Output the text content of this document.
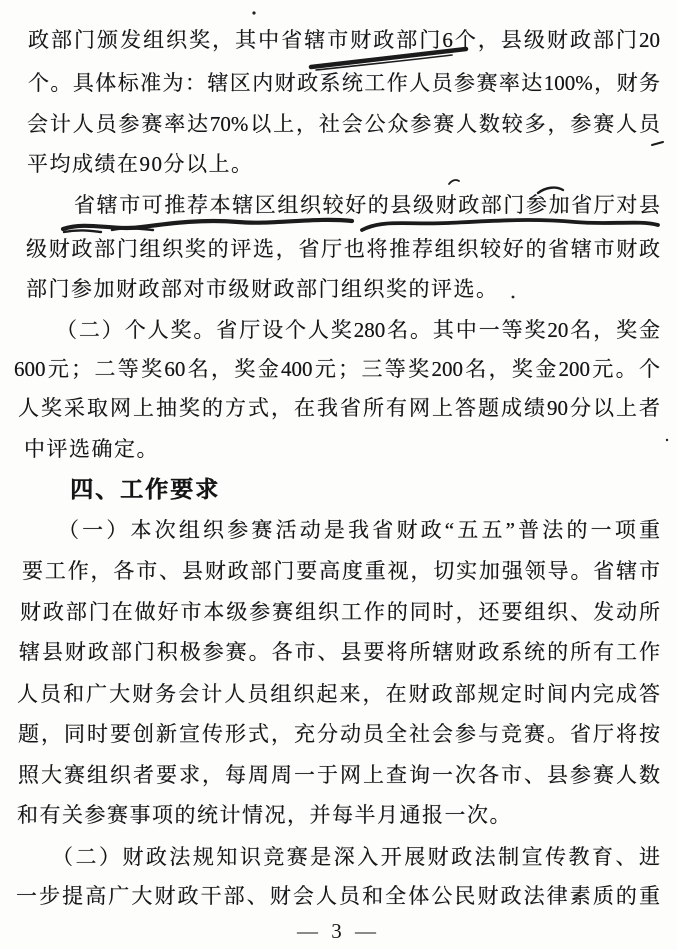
政部门颁发组织奖，其中省辖市财政部门6个，县级财政部门20
个。具体标准为：辖区内财政系统工作人员参赛率达100%，财务
会计人员参赛率达70%以上，社会公众参赛人数较多，参赛人员
平均成绩在90分以上。
省辖市可推荐本辖区组织较好的县级财政部门参加省厅对县
级财政部门组织奖的评选，省厅也将推荐组织较好的省辖市财政
部门参加财政部对市级财政部门组织奖的评选。
（二）个人奖。省厅设个人奖280名。其中一等奖20名，奖金
600元；二等奖60名，奖金400元；三等奖200名，奖金200元。个
人奖采取网上抽奖的方式，在我省所有网上答题成绩90分以上者
中评选确定。
四、工作要求
（一）本次组织参赛活动是我省财政“五五”普法的一项重
要工作，各市、县财政部门要高度重视，切实加强领导。省辖市
财政部门在做好市本级参赛组织工作的同时，还要组织、发动所
辖县财政部门积极参赛。各市、县要将所辖财政系统的所有工作
人员和广大财务会计人员组织起来，在财政部规定时间内完成答
题，同时要创新宣传形式，充分动员全社会参与竞赛。省厅将按
照大赛组织者要求，每周周一于网上查询一次各市、县参赛人数
和有关参赛事项的统计情况，并每半月通报一次。
（二）财政法规知识竞赛是深入开展财政法制宣传教育、进
一步提高广大财政干部、财会人员和全体公民财政法律素质的重
— 3 —
